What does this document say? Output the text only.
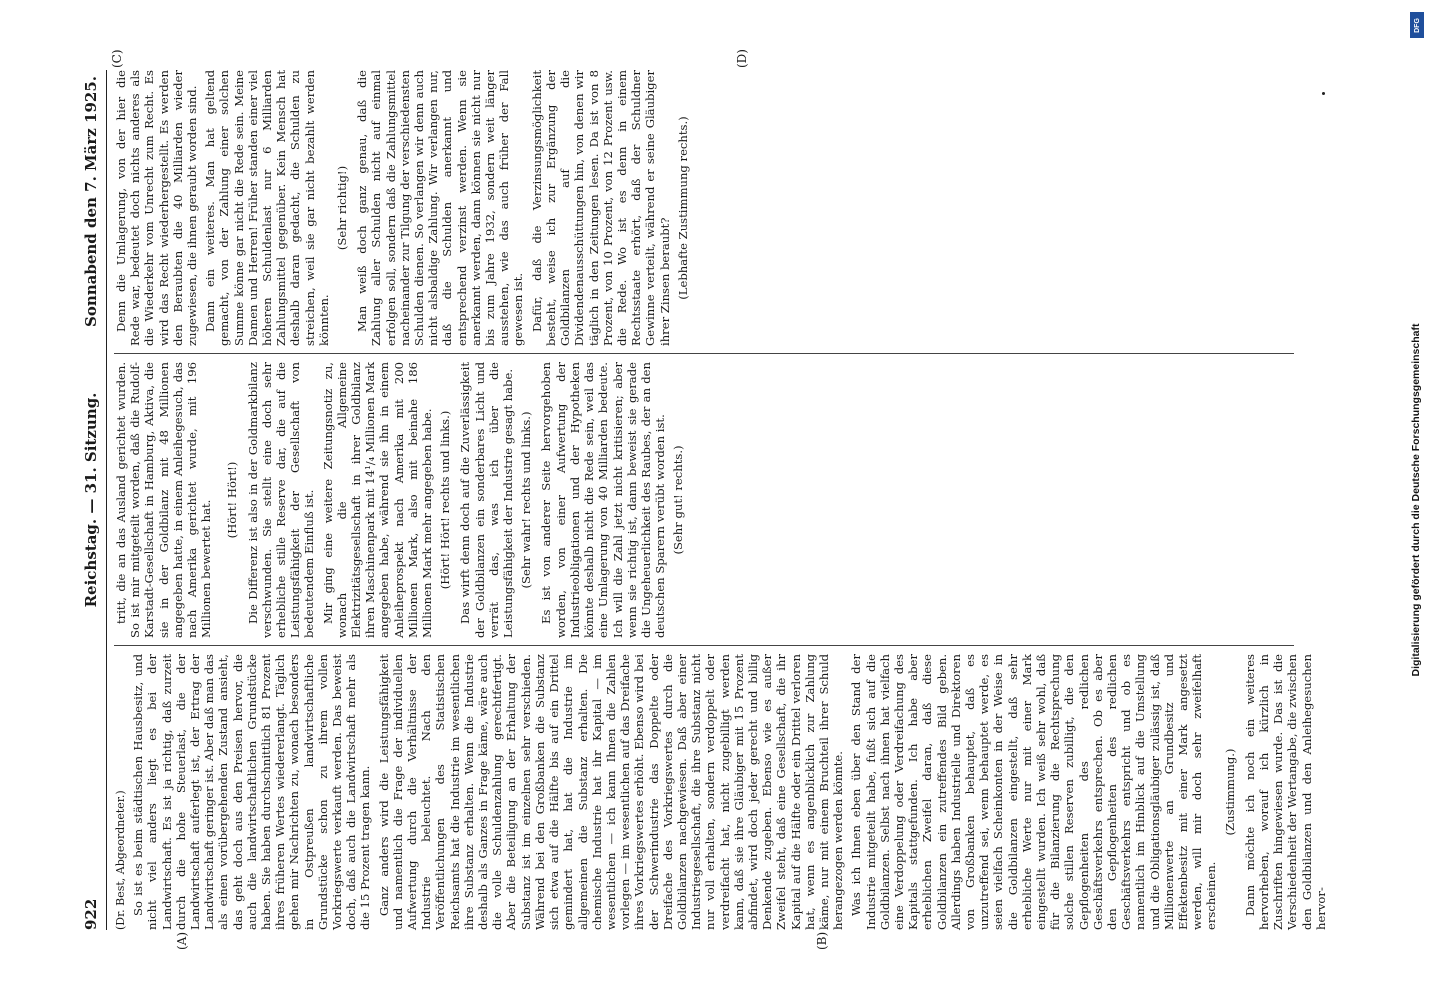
922
Reichstag. — 31. Sitzung.
Sonnabend den 7. März 1925.
(A)	(B)
(C)	(D)
(Dr. Best, Abgeordneter.) So ist es beim städtischen Hausbesitz, und nicht viel anders liegt es bei der Landwirtschaft. Es ist ja richtig, daß zurzeit durch die hohe Steuerlast, die der Landwirtschaft auferlegt ist, der Ertrag der Landwirtschaft geringer ist. Aber daß man das als einen vorübergehenden Zustand ansieht, das geht doch aus den Preisen hervor, die auch die landwirtschaftlichen Grundstücke haben. Sie haben durchschnittlich 81 Prozent ihres früheren Wertes wiedererlangt. Täglich gehen mir Nachrichten zu, wonach besonders in Ostpreußen landwirtschaftliche Grundstücke schon zu ihrem vollen Vorkriegswerte verkauft werden. Das beweist doch, daß auch die Landwirtschaft mehr als die 15 Prozent tragen kann. Ganz anders wird die Leistungsfähigkeit und namentlich die Frage der individuellen Aufwertung durch die Verhältnisse der Industrie beleuchtet. Nach den Veröffentlichungen des Statistischen Reichsamts hat die Industrie im wesentlichen ihre Substanz erhalten. Wenn die Industrie deshalb als Ganzes in Frage käme, wäre auch die volle Schuldenzahlung gerechtfertigt. Aber die Beteiligung an der Erhaltung der Substanz ist im einzelnen sehr verschieden. Während bei den Großbanken die Substanz sich etwa auf die Hälfte bis auf ein Drittel gemindert hat, hat die Industrie im allgemeinen die Substanz erhalten. Die chemische Industrie hat ihr Kapital — im wesentlichen — ich kann Ihnen die Zahlen vorlegen — im wesentlichen auf das Dreifache ihres Vorkriegswertes erhöht. Ebenso wird bei der Schwerindustrie das Doppelte oder Dreifache des Vorkriegswertes durch die Goldbilanzen nachgewiesen. Daß aber einer Industriegesellschaft, die ihre Substanz nicht nur voll erhalten, sondern verdoppelt oder verdreifacht hat, nicht zugebilligt werden kann, daß sie ihre Gläubiger mit 15 Prozent abfindet, wird doch jeder gerecht und billig Denkende zugeben. Ebenso wie es außer Zweifel steht, daß eine Gesellschaft, die ihr Kapital auf die Hälfte oder ein Drittel verloren hat, wenn es angenblicklich zur Zahlung käme, nur mit einem Bruchteil ihrer Schuld herangezogen werden könnte. Was ich Ihnen eben über den Stand der Industrie mitgeteilt habe, fußt sich auf die Goldbilanzen. Selbst nach ihnen hat vielfach eine Verdoppelung oder Verdreifachung des Kapitals stattgefunden. Ich habe aber erheblichen Zweifel daran, daß diese Goldbilanzen ein zutreffendes Bild geben. Allerdings haben Industrielle und Direktoren von Großbanken behauptet, daß es unzutreffend sei, wenn behauptet werde, es seien vielfach Scheinkonten in der Weise in die Goldbilanzen eingestellt, daß sehr erhebliche Werte nur mit einer Mark eingestellt wurden. Ich weiß sehr wohl, daß für die Bilanzierung die Rechtsprechung solche stillen Reserven zubilligt, die den Gepflogenheiten des redlichen Geschäftsverkehrs entsprechen. Ob es aber den Gepflogenheiten des redlichen Geschäftsverkehrs entspricht und ob es namentlich im Hinblick auf die Umstellung und die Obligationsgläubiger zulässig ist, daß Millionenwerte an Grundbesitz und Effektenbesitz mit einer Mark angesetzt werden, will mir doch sehr zweifelhaft erscheinen.

(Zustimmung.) Dann möchte ich noch ein weiteres hervorheben, worauf ich kürzlich in Zuschriften hingewiesen wurde. Das ist die Verschiedenheit der Wertangabe, die zwischen den Goldbilanzen und den Anleihegesuchen hervor-

tritt, die an das Ausland gerichtet wurden. So ist mir mitgeteilt worden, daß die Rudolf-Karstadt-Gesellschaft in Hamburg, Aktiva, die sie in der Goldbilanz mit 48 Millionen angegeben hatte, in einem Anleihegesuch, das nach Amerika gerichtet wurde, mit 196 Millionen bewertet hat. (Hört! Hört!) Die Differenz ist also in der Goldmarkbilanz verschwunden. Sie stellt eine doch sehr erhebliche stille Reserve dar, die auf die Leistungsfähigkeit der Gesellschaft von bedeutendem Einfluß ist. Mir ging eine weitere Zeitungsnotiz zu, wonach die Allgemeine Elektrizitätsgesellschaft in ihrer Goldbilanz ihren Maschinenpark mit 14¹/₄ Millionen Mark angegeben habe, während sie ihn in einem Anleiheprospekt nach Amerika mit 200 Millionen Mark, also mit beinahe 186 Millionen Mark mehr angegeben habe. (Hört! Hört! rechts und links.) Das wirft denn doch auf die Zuverlässigkeit der Goldbilanzen ein sonderbares Licht und verrät das, was ich über die Leistungsfähigkeit der Industrie gesagt habe. (Sehr wahr! rechts und links.) Es ist von anderer Seite hervorgehoben worden, von einer Aufwertung der Industrieobligationen und der Hypotheken könnte deshalb nicht die Rede sein, weil das eine Umlagerung von 40 Milliarden bedeute. Ich will die Zahl jetzt nicht kritisieren; aber wenn sie richtig ist, dann beweist sie gerade die Ungeheuerlichkeit des Raubes, der an den deutschen Sparern verübt worden ist. (Sehr gut! rechts.)

Denn die Umlagerung, von der hier die Rede war, bedeutet doch nichts anderes als die Wiederkehr vom Unrecht zum Recht. Es wird das Recht wiederhergestellt. Es werden den Beraubten die 40 Milliarden wieder zugewiesen, die ihnen geraubt worden sind. Dann ein weiteres. Man hat geltend gemacht, von der Zahlung einer solchen Summe könne gar nicht die Rede sein. Meine Damen und Herren! Früher standen einer viel höheren Schuldenlast nur 6 Milliarden Zahlungsmittel gegenüber. Kein Mensch hat deshalb daran gedacht, die Schulden zu streichen, weil sie gar nicht bezahlt werden könnten.

(Sehr richtig!) Man weiß doch ganz genau, daß die Zahlung aller Schulden nicht auf einmal erfolgen soll, sondern daß die Zahlungsmittel nacheinander zur Tilgung der verschiedensten Schulden dienen. So verlangen wir denn auch nicht alsbaldige Zahlung. Wir verlangen nur, daß die Schulden anerkannt und entsprechend verzinst werden. Wenn sie anerkannt werden, dann können sie nicht nur bis zum Jahre 1932, sondern weit länger ausstehen, wie das auch früher der Fall gewesen ist. Dafür, daß die Verzinsungsmöglichkeit besteht, weise ich zur Ergänzung der Goldbilanzen auf die Dividendenausschüttungen hin, von denen wir täglich in den Zeitungen lesen. Da ist von 8 Prozent, von 10 Prozent, von 12 Prozent usw. die Rede. Wo ist es denn in einem Rechtsstaate erhört, daß der Schuldner Gewinne verteilt, während er seine Gläubiger ihrer Zinsen beraubt? (Lebhafte Zustimmung rechts.)

DFG
Digitalisierung gefördert durch die Deutsche Forschungsgemeinschaft
